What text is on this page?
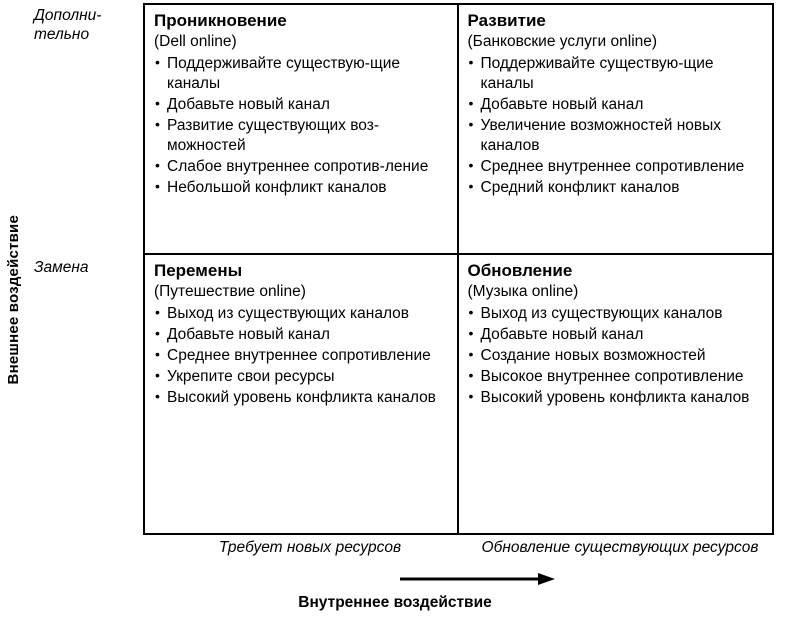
Внешнее воздействие
Дополни-
тельно
Замена
Проникновение
(Dell online)
• Поддерживайте существую-щие каналы
• Добавьте новый канал
• Развитие существующих воз-можностей
• Слабое внутреннее сопротив-ление
• Небольшой конфликт каналов
Развитие
(Банковские услуги online)
• Поддерживайте существую-щие каналы
• Добавьте новый канал
• Увеличение возможностей новых каналов
• Среднее внутреннее сопротивление
• Средний конфликт каналов
Перемены
(Путешествие online)
• Выход из существующих каналов
• Добавьте новый канал
• Среднее внутреннее сопротивление
• Укрепите свои ресурсы
• Высокий уровень конфликта каналов
Обновление
(Музыка online)
• Выход из существующих каналов
• Добавьте новый канал
• Создание новых возможностей
• Высокое внутреннее сопротивление
• Высокий уровень конфликта каналов
Требует новых ресурсов	Обновление существующих ресурсов
Внутреннее воздействие
